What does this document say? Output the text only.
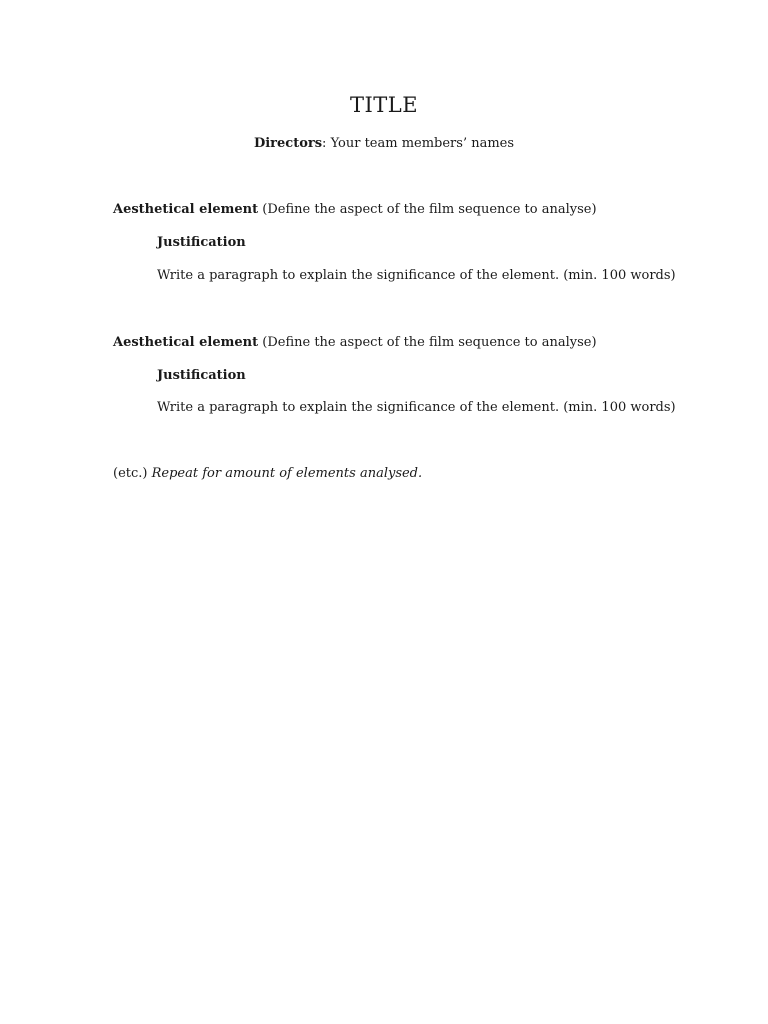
TITLE
Directors: Your team members’ names
Aesthetical element (Define the aspect of the film sequence to analyse)
Justification
Write a paragraph to explain the significance of the element. (min. 100 words)
Aesthetical element (Define the aspect of the film sequence to analyse)
Justification
Write a paragraph to explain the significance of the element. (min. 100 words)
(etc.) Repeat for amount of elements analysed.
